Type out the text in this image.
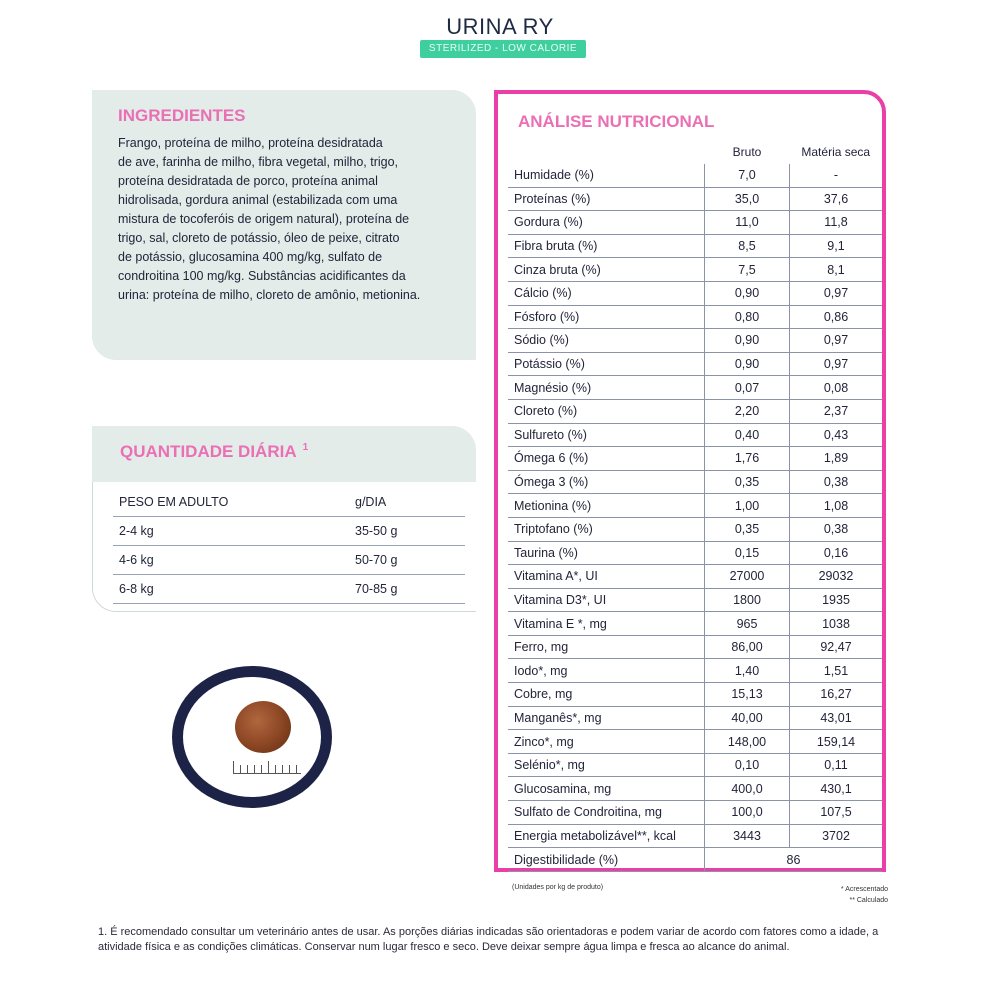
URINA RY
STERILIZED - LOW CALORIE
INGREDIENTES

Frango, proteína de milho, proteína desidratada
de ave, farinha de milho, fibra vegetal, milho, trigo,
proteína desidratada de porco, proteína animal
hidrolisada, gordura animal (estabilizada com uma
mistura de tocoferóis de origem natural), proteína de
trigo, sal, cloreto de potássio, óleo de peixe, citrato
de potássio, glucosamina 400 mg/kg, sulfato de
condroitina 100 mg/kg. Substâncias acidificantes da
urina: proteína de milho, cloreto de amônio, metionina.

QUANTIDADE DIÁRIA $^1$
PESO EM ADULTO	g/DIA
2-4 kg	35-50 g
4-6 kg	50-70 g
6-8 kg	70-85 g
ANÁLISE NUTRICIONAL
	Bruto	Matéria seca
Humidade (%)	7,0	-
Proteínas (%)	35,0	37,6
Gordura (%)	11,0	11,8
Fibra bruta (%)	8,5	9,1
Cinza bruta (%)	7,5	8,1
Cálcio (%)	0,90	0,97
Fósforo (%)	0,80	0,86
Sódio (%)	0,90	0,97
Potássio (%)	0,90	0,97
Magnésio (%)	0,07	0,08
Cloreto (%)	2,20	2,37
Sulfureto (%)	0,40	0,43
Ómega 6 (%)	1,76	1,89
Ómega 3 (%)	0,35	0,38
Metionina (%)	1,00	1,08
Triptofano (%)	0,35	0,38
Taurina (%)	0,15	0,16
Vitamina A*, UI	27000	29032
Vitamina D3*, UI	1800	1935
Vitamina E *, mg	965	1038
Ferro, mg	86,00	92,47
Iodo*, mg	1,40	1,51
Cobre, mg	15,13	16,27
Manganês*, mg	40,00	43,01
Zinco*, mg	148,00	159,14
Selénio*, mg	0,10	0,11
Glucosamina, mg	400,0	430,1
Sulfato de Condroitina, mg	100,0	107,5
Energia metabolizável**, kcal	3443	3702
Digestibilidade (%)	86	
(Unidades por kg de produto)	* Acrescentado
** Calculado
1. É recomendado consultar um veterinário antes de usar. As porções diárias indicadas são orientadoras e podem variar de acordo com fatores como a idade, a atividade física e as condições climáticas. Conservar num lugar fresco e seco. Deve deixar sempre água limpa e fresca ao alcance do animal.
